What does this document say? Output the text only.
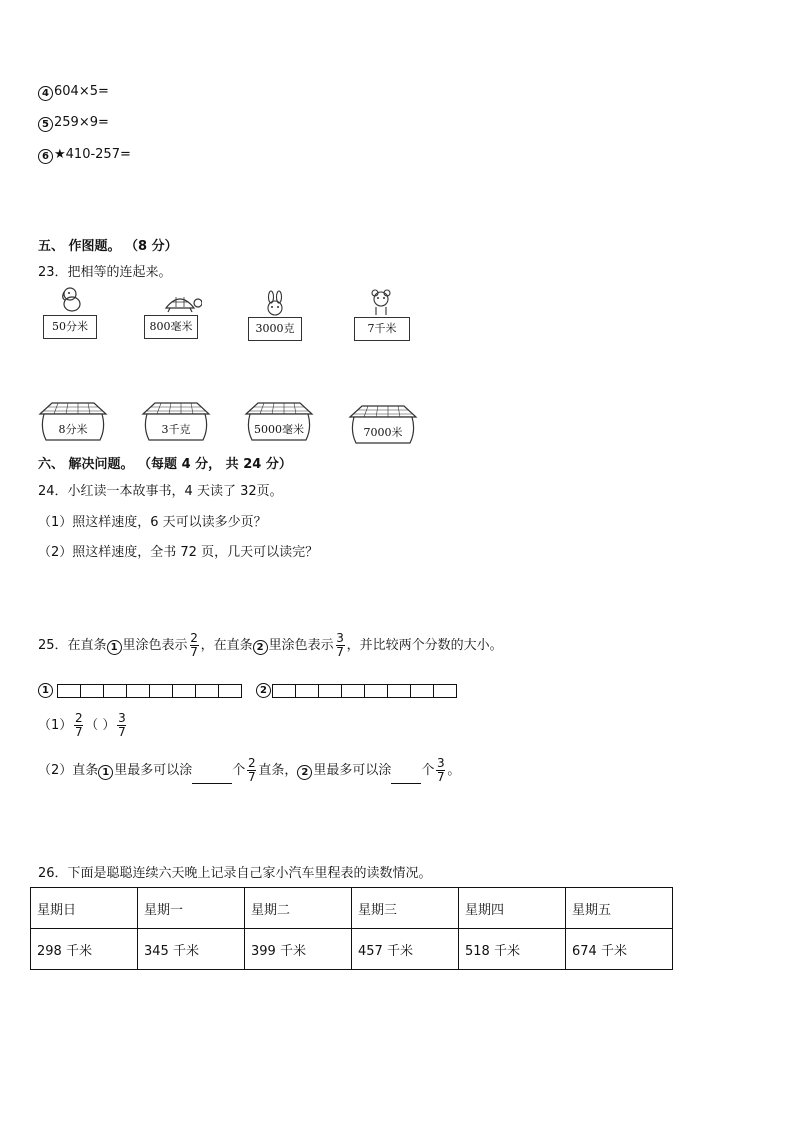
4 604×5=
5 259×9=
6 ★410-257=
五、 作图题。 （8 分）
23．把相等的连起来。
50分米	800毫米	3000克	7千米
8分米	3千克	5000毫米	7000米
六、 解决问题。 （每题 4 分， 共 24 分）
24．小红读一本故事书，4 天读了 32页。
（1）照这样速度，6 天可以读多少页？
（2）照这样速度，全书 72 页，几天可以读完？
25．在直条 1 里涂色表示 $\frac{2}{7}$ ，在直条 2 里涂色表示 $\frac{3}{7}$ ，并比较两个分数的大小。
1	2
$(1) \frac{2}{7}$ （ ） $\frac{3}{7}$
（2）直条 1 里最多可以涂	个 $\frac{2}{7}$ 直条， 2 里最多可以涂 个 $\frac{3}{7}$ 。
26．下面是聪聪连续六天晚上记录自己家小汽车里程表的读数情况。
星期日	星期一	星期二	星期三	星期四	星期五
298 千米	345 千米	399 千米	457 千米	518 千米	674 千米
